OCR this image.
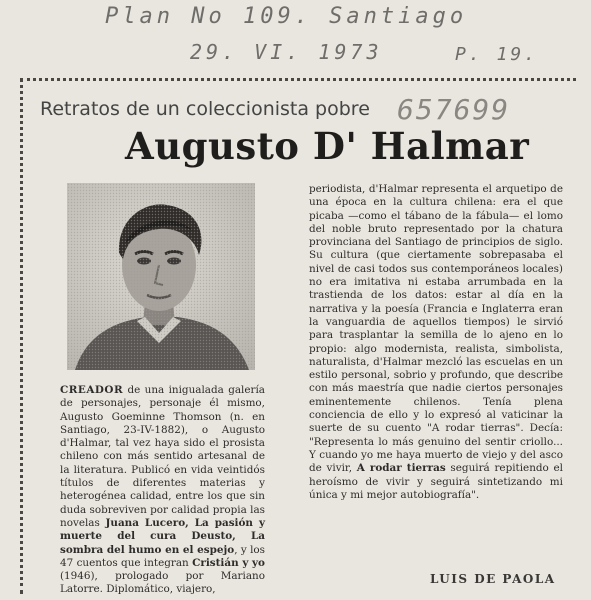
Plan No 109. Santiago
29. VI. 1973	P. 19.
657699
Retratos de un coleccionista pobre
Augusto D' Halmar

CREADOR de una inigualada galería de personajes, personaje él mismo, Augusto Goeminne Thomson (n. en Santiago, 23-IV-1882), o Augusto d'Halmar, tal vez haya sido el prosista chileno con más sentido artesanal de la literatura. Publicó en vida veintidós títulos de diferentes materias y heterogénea calidad, entre los que sin duda sobreviven por calidad propia las novelas Juana Lucero, La pasión y muerte del cura Deusto, La sombra del humo en el espejo, y los 47 cuentos que integran Cristián y yo (1946), prologado por Mariano Latorre. Diplomático, viajero,

periodista, d'Halmar representa el arquetipo de una época en la cultura chilena: era el que picaba —como el tábano de la fábula— el lomo del noble bruto representado por la chatura provinciana del Santiago de principios de siglo. Su cultura (que ciertamente sobrepasaba el nivel de casi todos sus contemporáneos locales) no era imitativa ni estaba arrumbada en la trastienda de los datos: estar al día en la narrativa y la poesía (Francia e Inglaterra eran la vanguardia de aquellos tiempos) le sirvió para trasplantar la semilla de lo ajeno en lo propio: algo modernista, realista, simbolista, naturalista, d'Halmar mezcló las escuelas en un estilo personal, sobrio y profundo, que describe con más maestría que nadie ciertos personajes eminentemente chilenos. Tenía plena conciencia de ello y lo expresó al vaticinar la suerte de su cuento "A rodar tierras". Decía: "Representa lo más genuino del sentir criollo... Y cuando yo me haya muerto de viejo y del asco de vivir, A rodar tierras seguirá repitiendo el heroísmo de vivir y seguirá sintetizando mi única y mi mejor autobiografía".

LUIS DE PAOLA
